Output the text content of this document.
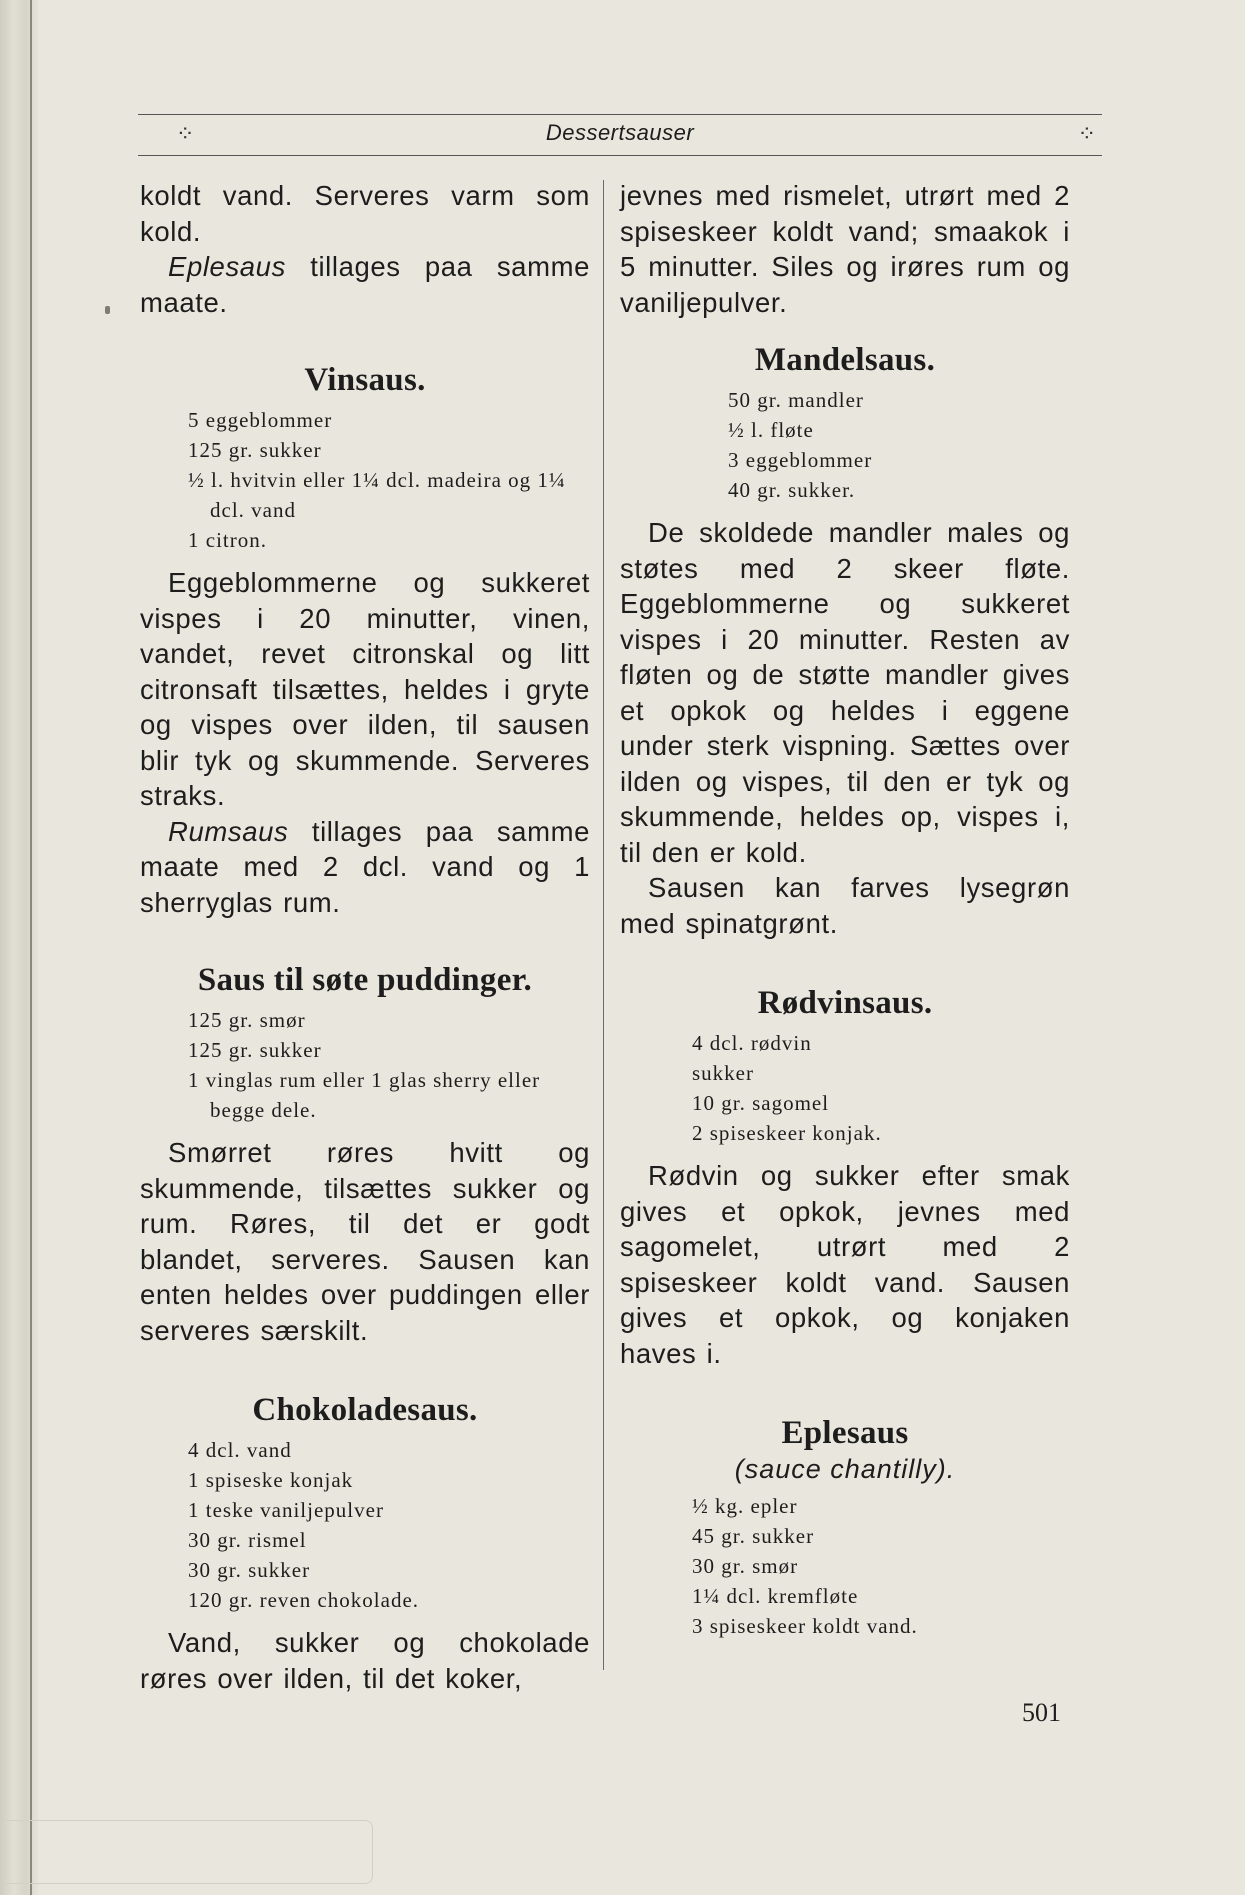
⁘	Dessertsauser	⁘

koldt vand. Serveres varm som kold.

Eplesaus tillages paa samme maate.

Vinsaus.
5 eggeblommer
125 gr. sukker
½ l. hvitvin eller 1¼ dcl. madeira og 1¼ dcl. vand
1 citron.

Eggeblommerne og sukkeret vispes i 20 minutter, vinen, vandet, revet citronskal og litt citronsaft tilsættes, heldes i gryte og vispes over ilden, til sausen blir tyk og skummende. Serveres straks.

Rumsaus tillages paa samme maate med 2 dcl. vand og 1 sherryglas rum.

Saus til søte puddinger.
125 gr. smør
125 gr. sukker
1 vinglas rum eller 1 glas sherry eller begge dele.

Smørret røres hvitt og skummende, tilsættes sukker og rum. Røres, til det er godt blandet, serveres. Sausen kan enten heldes over puddingen eller serveres særskilt.

Chokoladesaus.
4 dcl. vand
1 spiseske konjak
1 teske vaniljepulver
30 gr. rismel
30 gr. sukker
120 gr. reven chokolade.

Vand, sukker og chokolade røres over ilden, til det koker,

jevnes med rismelet, utrørt med 2 spiseskeer koldt vand; smaakok i 5 minutter. Siles og irøres rum og vaniljepulver.

Mandelsaus.
50 gr. mandler
½ l. fløte
3 eggeblommer
40 gr. sukker.

De skoldede mandler males og støtes med 2 skeer fløte. Eggeblommerne og sukkeret vispes i 20 minutter. Resten av fløten og de støtte mandler gives et opkok og heldes i eggene under sterk vispning. Sættes over ilden og vispes, til den er tyk og skummende, heldes op, vispes i, til den er kold.

Sausen kan farves lysegrøn med spinatgrønt.

Rødvinsaus.
4 dcl. rødvin
sukker
10 gr. sagomel
2 spiseskeer konjak.

Rødvin og sukker efter smak gives et opkok, jevnes med sagomelet, utrørt med 2 spiseskeer koldt vand. Sausen gives et opkok, og konjaken haves i.

Eplesaus
(sauce chantilly).
½ kg. epler
45 gr. sukker
30 gr. smør
1¼ dcl. kremfløte
3 spiseskeer koldt vand.
501
